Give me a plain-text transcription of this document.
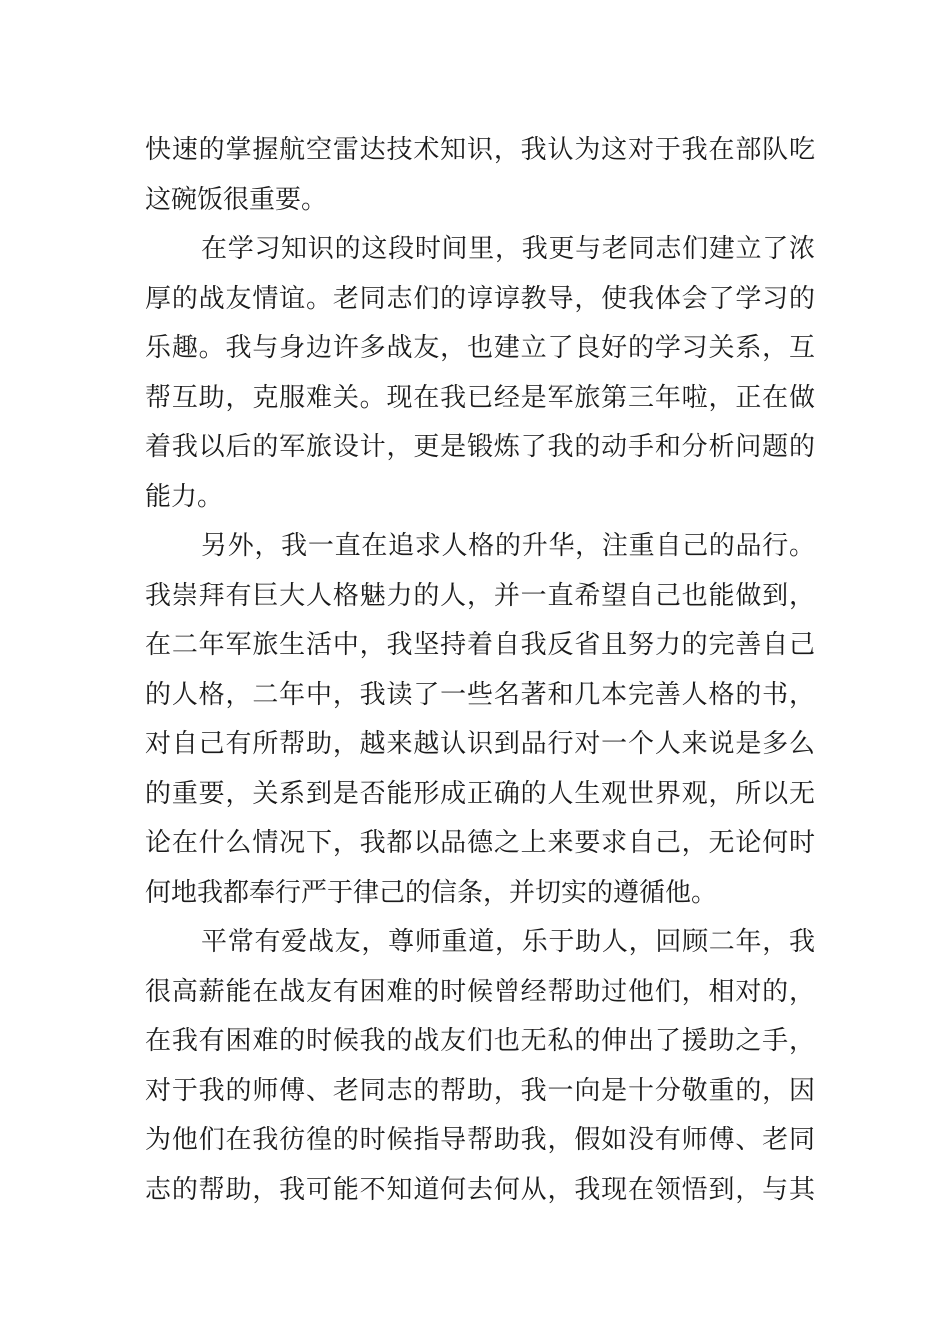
快速的掌握航空雷达技术知识，我认为这对于我在部队吃
这碗饭很重要。
在学习知识的这段时间里，我更与老同志们建立了浓
厚的战友情谊。老同志们的谆谆教导，使我体会了学习的
乐趣。我与身边许多战友，也建立了良好的学习关系，互
帮互助，克服难关。现在我已经是军旅第三年啦，正在做
着我以后的军旅设计，更是锻炼了我的动手和分析问题的
能力。
另外，我一直在追求人格的升华，注重自己的品行。
我崇拜有巨大人格魅力的人，并一直希望自己也能做到，
在二年军旅生活中，我坚持着自我反省且努力的完善自己
的人格，二年中，我读了一些名著和几本完善人格的书，
对自己有所帮助，越来越认识到品行对一个人来说是多么
的重要，关系到是否能形成正确的人生观世界观，所以无
论在什么情况下，我都以品德之上来要求自己，无论何时
何地我都奉行严于律己的信条，并切实的遵循他。
平常有爱战友，尊师重道，乐于助人，回顾二年，我
很高薪能在战友有困难的时候曾经帮助过他们，相对的，
在我有困难的时候我的战友们也无私的伸出了援助之手，
对于我的师傅、老同志的帮助，我一向是十分敬重的，因
为他们在我彷徨的时候指导帮助我，假如没有师傅、老同
志的帮助，我可能不知道何去何从，我现在领悟到，与其
